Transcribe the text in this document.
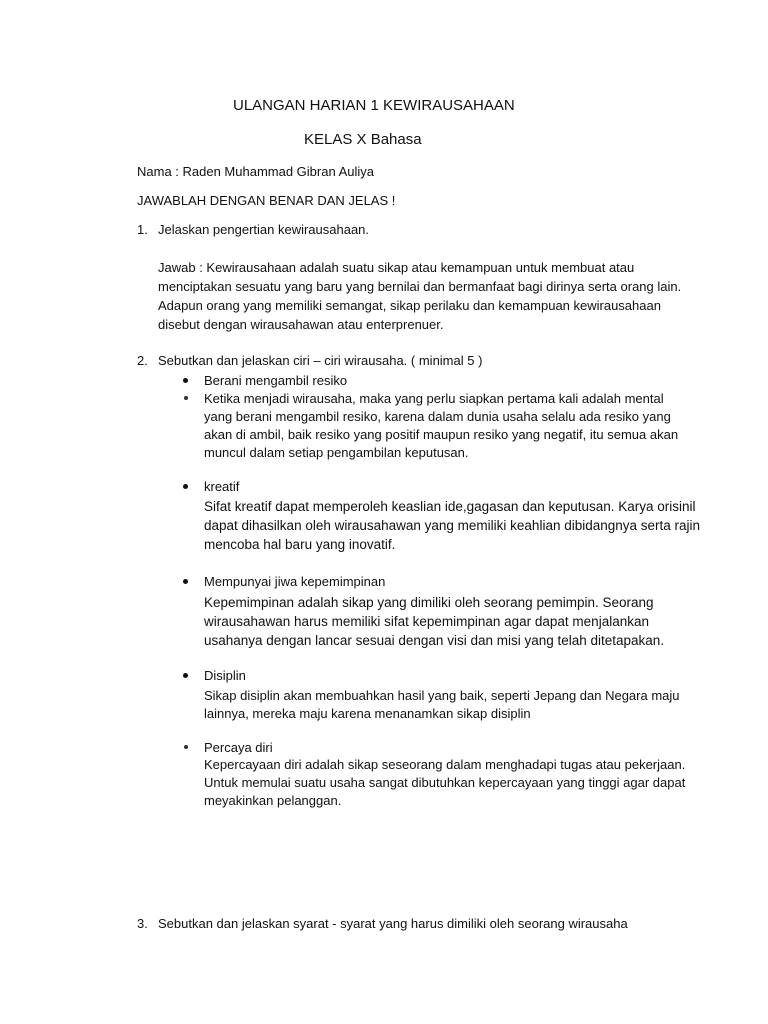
ULANGAN HARIAN 1 KEWIRAUSAHAAN
KELAS X Bahasa
Nama : Raden Muhammad Gibran Auliya
JAWABLAH DENGAN BENAR DAN JELAS !
1. Jelaskan pengertian kewirausahaan.
Jawab : Kewirausahaan adalah suatu sikap atau kemampuan untuk membuat atau
menciptakan sesuatu yang baru yang bernilai dan bermanfaat bagi dirinya serta orang lain.
Adapun orang yang memiliki semangat, sikap perilaku dan kemampuan kewirausahaan
disebut dengan wirausahawan atau enterprenuer.
2. Sebutkan dan jelaskan ciri – ciri wirausaha. ( minimal 5 )
Berani mengambil resiko
Ketika menjadi wirausaha, maka yang perlu siapkan pertama kali adalah mental
yang berani mengambil resiko, karena dalam dunia usaha selalu ada resiko yang
akan di ambil, baik resiko yang positif maupun resiko yang negatif, itu semua akan
muncul dalam setiap pengambilan keputusan.
kreatif
Sifat kreatif dapat memperoleh keaslian ide,gagasan dan keputusan. Karya orisinil
dapat dihasilkan oleh wirausahawan yang memiliki keahlian dibidangnya serta rajin
mencoba hal baru yang inovatif.
Mempunyai jiwa kepemimpinan
Kepemimpinan adalah sikap yang dimiliki oleh seorang pemimpin. Seorang
wirausahawan harus memiliki sifat kepemimpinan agar dapat menjalankan
usahanya dengan lancar sesuai dengan visi dan misi yang telah ditetapakan.
Disiplin
Sikap disiplin akan membuahkan hasil yang baik, seperti Jepang dan Negara maju
lainnya, mereka maju karena menanamkan sikap disiplin
Percaya diri
Kepercayaan diri adalah sikap seseorang dalam menghadapi tugas atau pekerjaan.
Untuk memulai suatu usaha sangat dibutuhkan kepercayaan yang tinggi agar dapat
meyakinkan pelanggan.
3. Sebutkan dan jelaskan syarat - syarat yang harus dimiliki oleh seorang wirausaha
